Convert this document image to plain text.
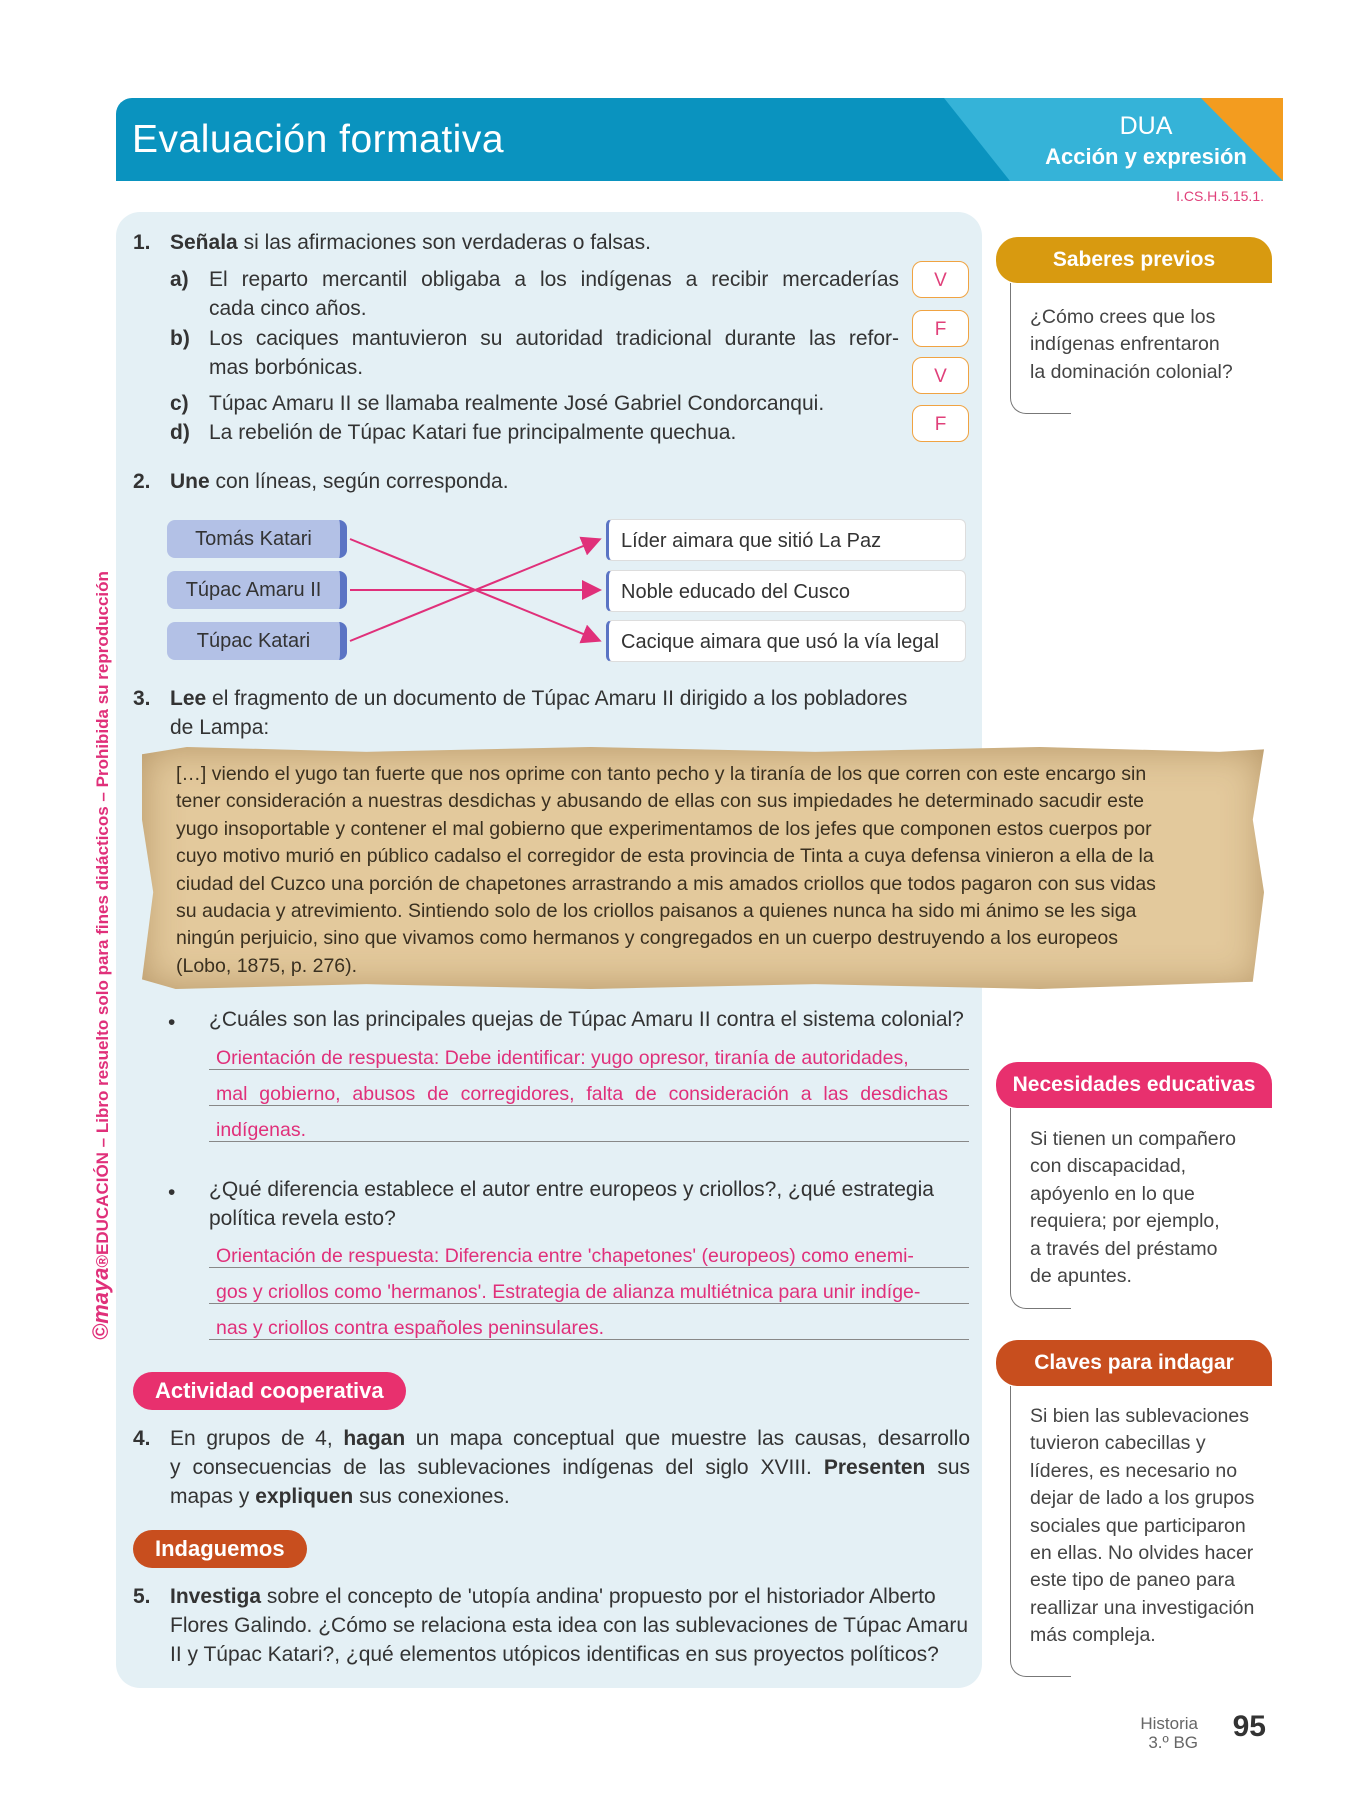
Evaluación formativa	DUA
Acción y expresión
I.CS.H.5.15.1.
©maya®EDUCACIÓN – Libro resuelto solo para fines didácticos – Prohibida su reproducción
1. Señala si las afirmaciones son verdaderas o falsas.
a) El reparto mercantil obligaba a los indígenas a recibir mercaderías
cada cinco años.
V
b) Los caciques mantuvieron su autoridad tradicional durante las refor-
mas borbónicas.
F
V
c) Túpac Amaru II se llamaba realmente José Gabriel Condorcanqui.
F
d) La rebelión de Túpac Katari fue principalmente quechua.
2. Une con líneas, según corresponda.
Tomás Katari
Túpac Amaru II
Túpac Katari
Líder aimara que sitió La Paz
Noble educado del Cusco
Cacique aimara que usó la vía legal
3. Lee el fragmento de un documento de Túpac Amaru II dirigido a los pobladores
de Lampa:
[…] viendo el yugo tan fuerte que nos oprime con tanto pecho y la tiranía de los que corren con este encargo sin
tener consideración a nuestras desdichas y abusando de ellas con sus impiedades he determinado sacudir este
yugo insoportable y contener el mal gobierno que experimentamos de los jefes que componen estos cuerpos por
cuyo motivo murió en público cadalso el corregidor de esta provincia de Tinta a cuya defensa vinieron a ella de la
ciudad del Cuzco una porción de chapetones arrastrando a mis amados criollos que todos pagaron con sus vidas
su audacia y atrevimiento. Sintiendo solo de los criollos paisanos a quienes nunca ha sido mi ánimo se les siga
ningún perjuicio, sino que vivamos como hermanos y congregados en un cuerpo destruyendo a los europeos
(Lobo, 1875, p. 276).
• ¿Cuáles son las principales quejas de Túpac Amaru II contra el sistema colonial?
Orientación de respuesta: Debe identificar: yugo opresor, tiranía de autoridades,
mal gobierno, abusos de corregidores, falta de consideración a las desdichas
indígenas.
• ¿Qué diferencia establece el autor entre europeos y criollos?, ¿qué estrategia
política revela esto?
Orientación de respuesta: Diferencia entre 'chapetones' (europeos) como enemi-
gos y criollos como 'hermanos'. Estrategia de alianza multiétnica para unir indíge-
nas y criollos contra españoles peninsulares.
Actividad cooperativa
4. En grupos de 4, hagan un mapa conceptual que muestre las causas, desarrollo
y consecuencias de las sublevaciones indígenas del siglo XVIII. Presenten sus
mapas y expliquen sus conexiones.
Indaguemos
5. Investiga sobre el concepto de 'utopía andina' propuesto por el historiador Alberto
Flores Galindo. ¿Cómo se relaciona esta idea con las sublevaciones de Túpac Amaru
II y Túpac Katari?, ¿qué elementos utópicos identificas en sus proyectos políticos?
Saberes previos
¿Cómo crees que los
indígenas enfrentaron
la dominación colonial?
Necesidades educativas
Si tienen un compañero
con discapacidad,
apóyenlo en lo que
requiera; por ejemplo,
a través del préstamo
de apuntes.
Claves para indagar
Si bien las sublevaciones
tuvieron cabecillas y
líderes, es necesario no
dejar de lado a los grupos
sociales que participaron
en ellas. No olvides hacer
este tipo de paneo para
reallizar una investigación
más compleja.
Historia
3.º BG 95
